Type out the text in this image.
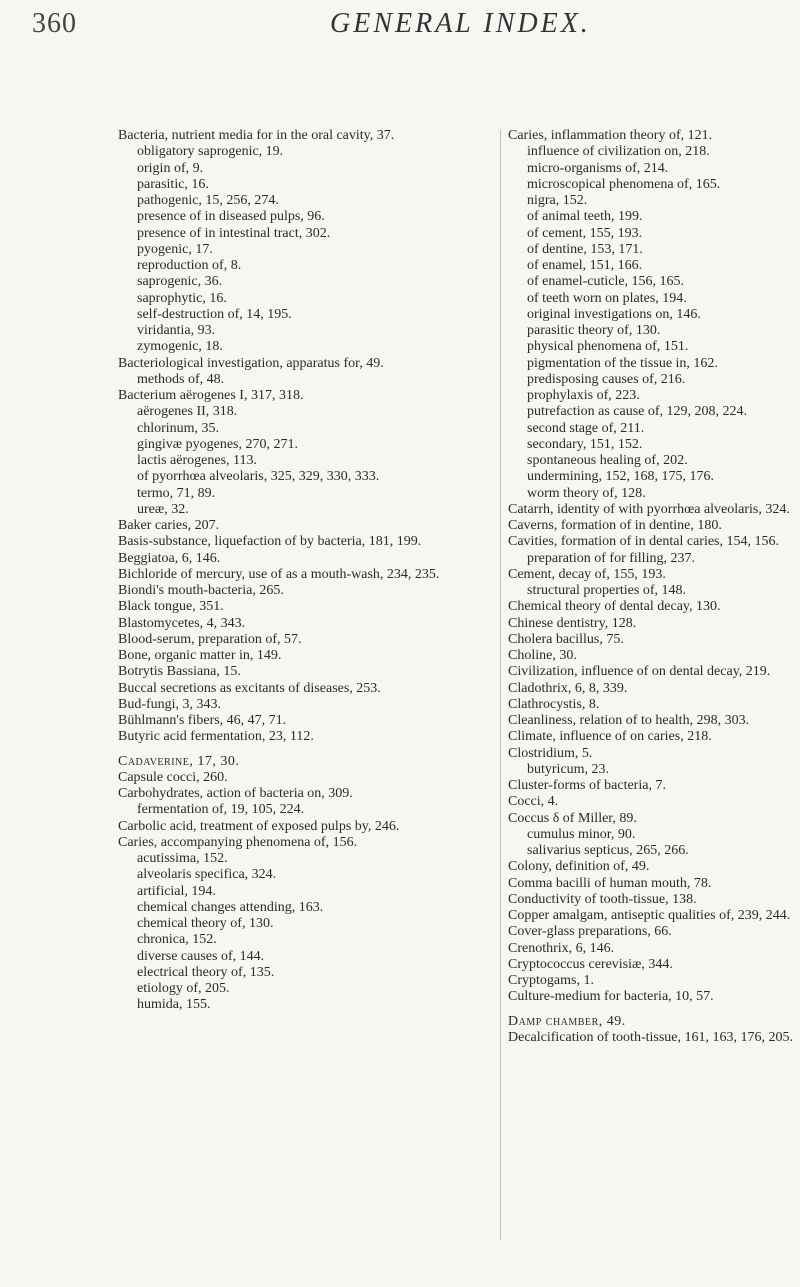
360	GENERAL INDEX.
Bacteria, nutrient media for in the oral cavity, 37.
obligatory saprogenic, 19.
origin of, 9.
parasitic, 16.
pathogenic, 15, 256, 274.
presence of in diseased pulps, 96.
presence of in intestinal tract, 302.
pyogenic, 17.
reproduction of, 8.
saprogenic, 36.
saprophytic, 16.
self-destruction of, 14, 195.
viridantia, 93.
zymogenic, 18.
Bacteriological investigation, apparatus for, 49.
methods of, 48.
Bacterium aërogenes I, 317, 318.
aërogenes II, 318.
chlorinum, 35.
gingivæ pyogenes, 270, 271.
lactis aërogenes, 113.
of pyorrhœa alveolaris, 325, 329, 330, 333.
termo, 71, 89.
ureæ, 32.
Baker caries, 207.
Basis-substance, liquefaction of by bacteria, 181, 199.
Beggiatoa, 6, 146.
Bichloride of mercury, use of as a mouth-wash, 234, 235.
Biondi's mouth-bacteria, 265.
Black tongue, 351.
Blastomycetes, 4, 343.
Blood-serum, preparation of, 57.
Bone, organic matter in, 149.
Botrytis Bassiana, 15.
Buccal secretions as excitants of diseases, 253.
Bud-fungi, 3, 343.
Bühlmann's fibers, 46, 47, 71.
Butyric acid fermentation, 23, 112.
Cadaverine, 17, 30.
Capsule cocci, 260.
Carbohydrates, action of bacteria on, 309.
fermentation of, 19, 105, 224.
Carbolic acid, treatment of exposed pulps by, 246.
Caries, accompanying phenomena of, 156.
acutissima, 152.
alveolaris specifica, 324.
artificial, 194.
chemical changes attending, 163.
chemical theory of, 130.
chronica, 152.
diverse causes of, 144.
electrical theory of, 135.
etiology of, 205.
humida, 155.
Caries, inflammation theory of, 121.
influence of civilization on, 218.
micro-organisms of, 214.
microscopical phenomena of, 165.
nigra, 152.
of animal teeth, 199.
of cement, 155, 193.
of dentine, 153, 171.
of enamel, 151, 166.
of enamel-cuticle, 156, 165.
of teeth worn on plates, 194.
original investigations on, 146.
parasitic theory of, 130.
physical phenomena of, 151.
pigmentation of the tissue in, 162.
predisposing causes of, 216.
prophylaxis of, 223.
putrefaction as cause of, 129, 208, 224.
second stage of, 211.
secondary, 151, 152.
spontaneous healing of, 202.
undermining, 152, 168, 175, 176.
worm theory of, 128.
Catarrh, identity of with pyorrhœa alveolaris, 324.
Caverns, formation of in dentine, 180.
Cavities, formation of in dental caries, 154, 156.
preparation of for filling, 237.
Cement, decay of, 155, 193.
structural properties of, 148.
Chemical theory of dental decay, 130.
Chinese dentistry, 128.
Cholera bacillus, 75.
Choline, 30.
Civilization, influence of on dental decay, 219.
Cladothrix, 6, 8, 339.
Clathrocystis, 8.
Cleanliness, relation of to health, 298, 303.
Climate, influence of on caries, 218.
Clostridium, 5.
butyricum, 23.
Cluster-forms of bacteria, 7.
Cocci, 4.
Coccus δ of Miller, 89.
cumulus minor, 90.
salivarius septicus, 265, 266.
Colony, definition of, 49.
Comma bacilli of human mouth, 78.
Conductivity of tooth-tissue, 138.
Copper amalgam, antiseptic qualities of, 239, 244.
Cover-glass preparations, 66.
Crenothrix, 6, 146.
Cryptococcus cerevisiæ, 344.
Cryptogams, 1.
Culture-medium for bacteria, 10, 57.
Damp chamber, 49.
Decalcification of tooth-tissue, 161, 163, 176, 205.
